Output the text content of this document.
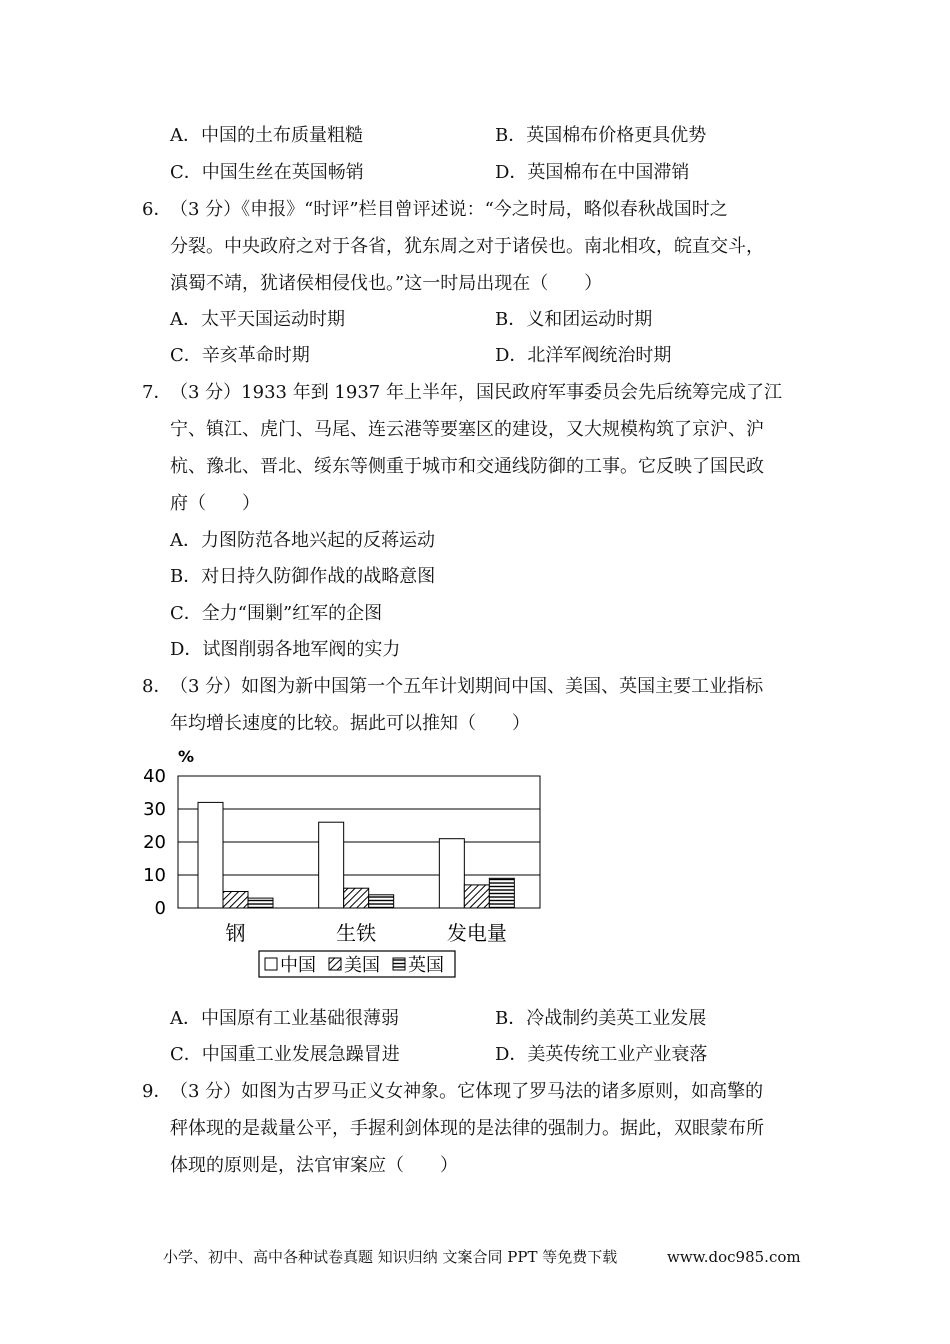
A．中国的土布质量粗糙	B．英国棉布价格更具优势
C．中国生丝在英国畅销	D．英国棉布在中国滞销
6．
（3 分）《申报》“时评”栏目曾评述说：“今之时局，略似春秋战国时之
分裂。中央政府之对于各省，犹东周之对于诸侯也。南北相攻，皖直交斗，
滇蜀不靖，犹诸侯相侵伐也。”这一时局出现在（　　）
A．太平天国运动时期	B．义和团运动时期
C．辛亥革命时期	D．北洋军阀统治时期
7．
（3 分）1933 年到 1937 年上半年，国民政府军事委员会先后统筹完成了江
宁、镇江、虎门、马尾、连云港等要塞区的建设，又大规模构筑了京沪、沪
杭、豫北、晋北、绥东等侧重于城市和交通线防御的工事。它反映了国民政
府（　　）
A．力图防范各地兴起的反蒋运动
B．对日持久防御作战的战略意图
C．全力“围剿”红军的企图
D．试图削弱各地军阀的实力
8．
（3 分）如图为新中国第一个五年计划期间中国、美国、英国主要工业指标
年均增长速度的比较。据此可以推知（　　）
%
0
10
20
30
40
钢	生铁	发电量
中国 美国 英国
A．中国原有工业基础很薄弱	B．冷战制约美英工业发展
C．中国重工业发展急躁冒进	D．美英传统工业产业衰落
9．
（3 分）如图为古罗马正义女神象。它体现了罗马法的诸多原则，如高擎的
秤体现的是裁量公平，手握利剑体现的是法律的强制力。据此，双眼蒙布所
体现的原则是，法官审案应（　　）
小学、初中、高中各种试卷真题 知识归纳 文案合同 PPT 等免费下载	www.doc985.com
